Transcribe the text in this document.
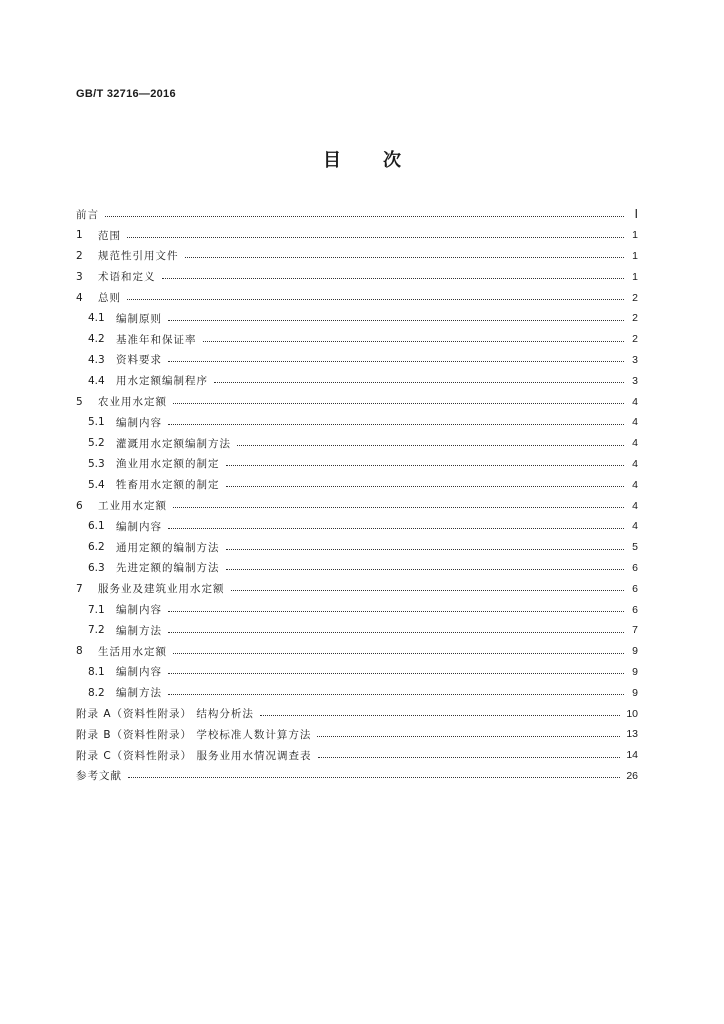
GB/T 32716—2016
目次
前言	Ⅰ
1	范围	1
2	规范性引用文件	1
3	术语和定义	1
4	总则	2
4.1	编制原则	2
4.2	基准年和保证率	2
4.3	资料要求	3
4.4	用水定额编制程序	3
5	农业用水定额	4
5.1	编制内容	4
5.2	灌溉用水定额编制方法	4
5.3	渔业用水定额的制定	4
5.4	牲畜用水定额的制定	4
6	工业用水定额	4
6.1	编制内容	4
6.2	通用定额的编制方法	5
6.3	先进定额的编制方法	6
7	服务业及建筑业用水定额	6
7.1	编制内容	6
7.2	编制方法	7
8	生活用水定额	9
8.1	编制内容	9
8.2	编制方法	9
附录 A（资料性附录） 结构分析法	10
附录 B（资料性附录） 学校标准人数计算方法	13
附录 C（资料性附录） 服务业用水情况调查表	14
参考文献	26
